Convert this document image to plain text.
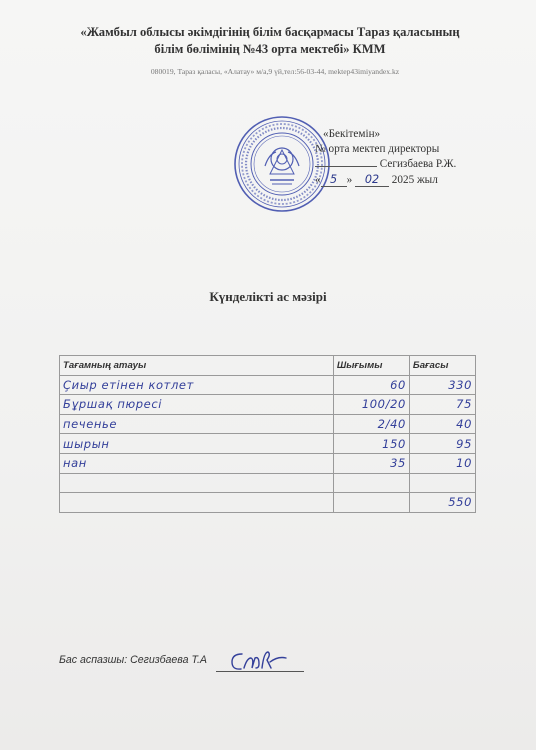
«Жамбыл облысы әкімдігінің білім басқармасы Тараз қаласының
білім бөлімінің №43 орта мектебі» КММ
080019, Тараз қаласы, «Алатау» м/а,9 үй,тел:56-03-44, mektep43imiyandex.kz
«Бекітемін»
№ орта мектеп директоры
Сегизбаева Р.Ж.
« 5 » 02 2025 жыл
Күнделікті ас мәзірі
Тағамның атауы	Шығымы	Бағасы
Ҫиыр етінен котлет	60	330
Бұршақ пюресі	100/20	75
печенье	2/40	40
шырын	150	95
нан	35	10

		550
Бас аспазшы: Сегизбаева Т.А
